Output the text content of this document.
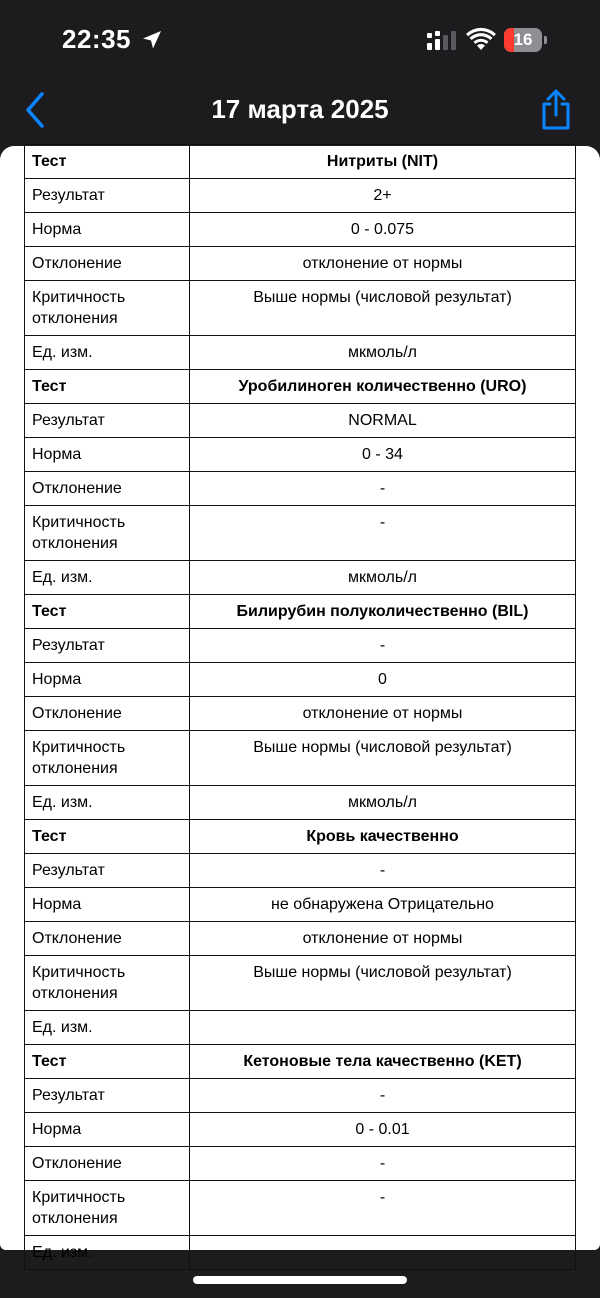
22:35	16
17 марта 2025
Тест	Нитриты (NIT)
Результат	2+
Норма	0 - 0.075
Отклонение	отклонение от нормы
Критичность отклонения	Выше нормы (числовой результат)
Ед. изм.	мкмоль/л
Тест	Уробилиноген количественно (URO)
Результат	NORMAL
Норма	0 - 34
Отклонение	-
Критичность отклонения	-
Ед. изм.	мкмоль/л
Тест	Билирубин полуколичественно (BIL)
Результат	-
Норма	0
Отклонение	отклонение от нормы
Критичность отклонения	Выше нормы (числовой результат)
Ед. изм.	мкмоль/л
Тест	Кровь качественно
Результат	-
Норма	не обнаружена Отрицательно
Отклонение	отклонение от нормы
Критичность отклонения	Выше нормы (числовой результат)
Ед. изм.	
Тест	Кетоновые тела качественно (KET)
Результат	-
Норма	0 - 0.01
Отклонение	-
Критичность отклонения	-
Ед. изм.	
